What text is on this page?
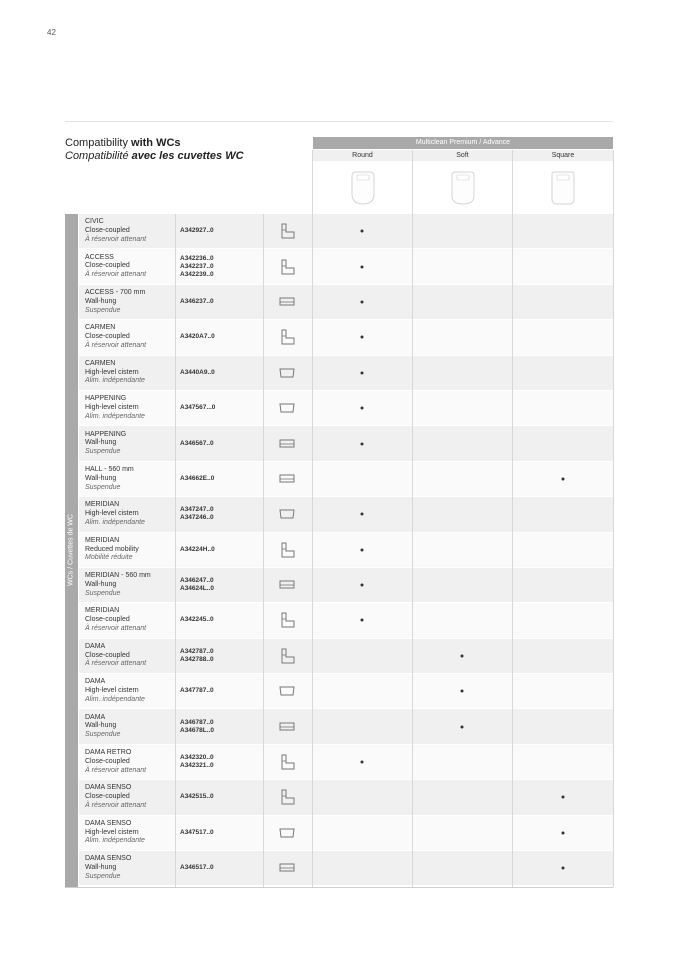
42
Compatibility with WCs
Compatibilité avec les cuvettes WC
Multiclean Premium / Advance
Round	Soft	Square
WCs / Cuvettes de WC
CIVIC
Close-coupled
À réservoir attenant
A342927..0
ACCESS
Close-coupled
À réservoir attenant
A342236..0
A342237..0
A342239..0
ACCESS - 700 mm
Wall-hung
Suspendue
A346237..0
CARMEN
Close-coupled
À réservoir attenant
A3420A7..0
CARMEN
High-level cistern
Alim. indépendante
A3440A9..0
HAPPENING
High-level cistern
Alim. indépendante
A347567...0
HAPPENING
Wall-hung
Suspendue
A346567..0
HALL - 560 mm
Wall-hung
Suspendue
A34662E..0
MERIDIAN
High-level cistern
Alim. indépendante
A347247..0
A347246..0
MERIDIAN
Reduced mobility
Mobilité réduite
A34224H..0
MERIDIAN - 560 mm
Wall-hung
Suspendue
A346247..0
A34624L..0
MERIDIAN
Close-coupled
À réservoir attenant
A342245..0
DAMA
Close-coupled
À réservoir attenant
A342787..0
A342788..0
DAMA
High-level cistern
Alim. indépendante
A347787..0
DAMA
Wall-hung
Suspendue
A346787..0
A34678L..0
DAMA RETRO
Close-coupled
À réservoir attenant
A342320..0
A342321..0
DAMA SENSO
Close-coupled
À réservoir attenant
A342515..0
DAMA SENSO
High-level cistern
Alim. indépendante
A347517..0
DAMA SENSO
Wall-hung
Suspendue
A346517..0
